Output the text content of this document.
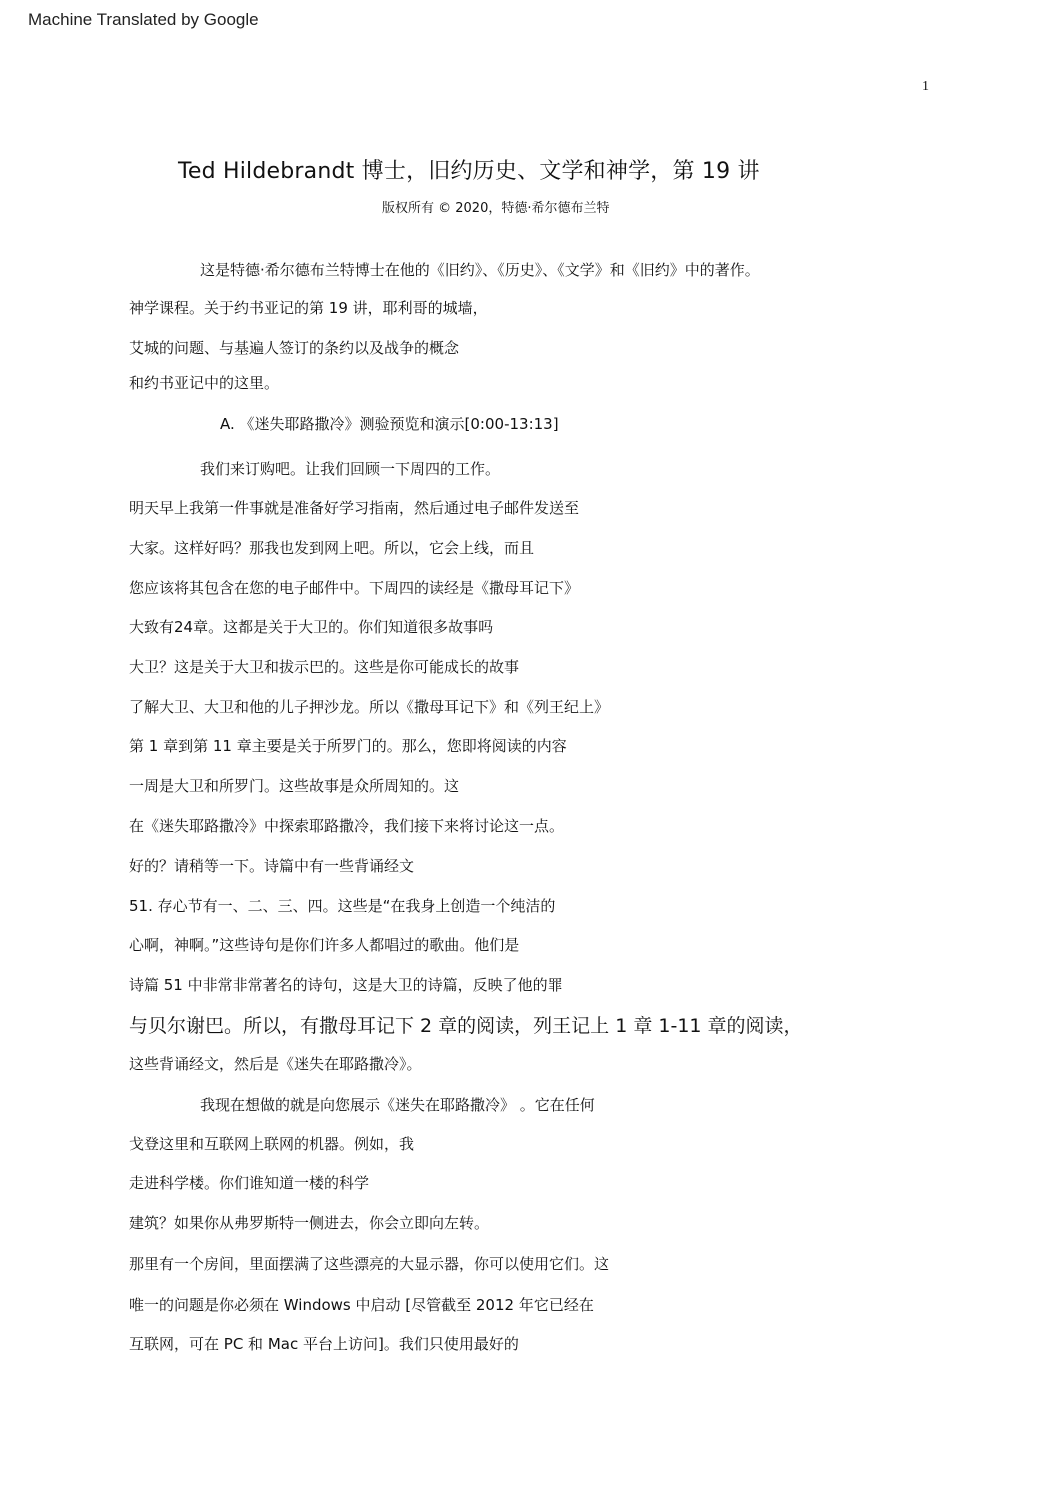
Machine Translated by Google
1
Ted Hildebrandt 博士，旧约历史、文学和神学，第 19 讲
版权所有 © 2020，特德·希尔德布兰特
这是特德·希尔德布兰特博士在他的《旧约》、《历史》、《文学》和《旧约》中的著作。
神学课程。关于约书亚记的第 19 讲，耶利哥的城墙，
艾城的问题、与基遍人签订的条约以及战争的概念
和约书亚记中的这里。
A. 《迷失耶路撒冷》测验预览和演示[0:00-13:13]
我们来订购吧。让我们回顾一下周四的工作。
明天早上我第一件事就是准备好学习指南，然后通过电子邮件发送至
大家。这样好吗？那我也发到网上吧。所以，它会上线，而且
您应该将其包含在您的电子邮件中。下周四的读经是《撒母耳记下》
大致有24章。这都是关于大卫的。你们知道很多故事吗
大卫？这是关于大卫和拔示巴的。这些是你可能成长的故事
了解大卫、大卫和他的儿子押沙龙。所以《撒母耳记下》和《列王纪上》
第 1 章到第 11 章主要是关于所罗门的。那么，您即将阅读的内容
一周是大卫和所罗门。这些故事是众所周知的。这
在《迷失耶路撒冷》中探索耶路撒冷，我们接下来将讨论这一点。
好的？请稍等一下。诗篇中有一些背诵经文
51. 存心节有一、二、三、四。这些是“在我身上创造一个纯洁的
心啊，神啊。”这些诗句是你们许多人都唱过的歌曲。他们是
诗篇 51 中非常非常著名的诗句，这是大卫的诗篇，反映了他的罪
与贝尔谢巴。所以，有撒母耳记下 2 章的阅读，列王记上 1 章 1-11 章的阅读，
这些背诵经文，然后是《迷失在耶路撒冷》。
我现在想做的就是向您展示《迷失在耶路撒冷》 。它在任何
戈登这里和互联网上联网的机器。例如，我
走进科学楼。你们谁知道一楼的科学
建筑？如果你从弗罗斯特一侧进去，你会立即向左转。
那里有一个房间，里面摆满了这些漂亮的大显示器，你可以使用它们。这
唯一的问题是你必须在 Windows 中启动 [尽管截至 2012 年它已经在
互联网，可在 PC 和 Mac 平台上访问]。我们只使用最好的
